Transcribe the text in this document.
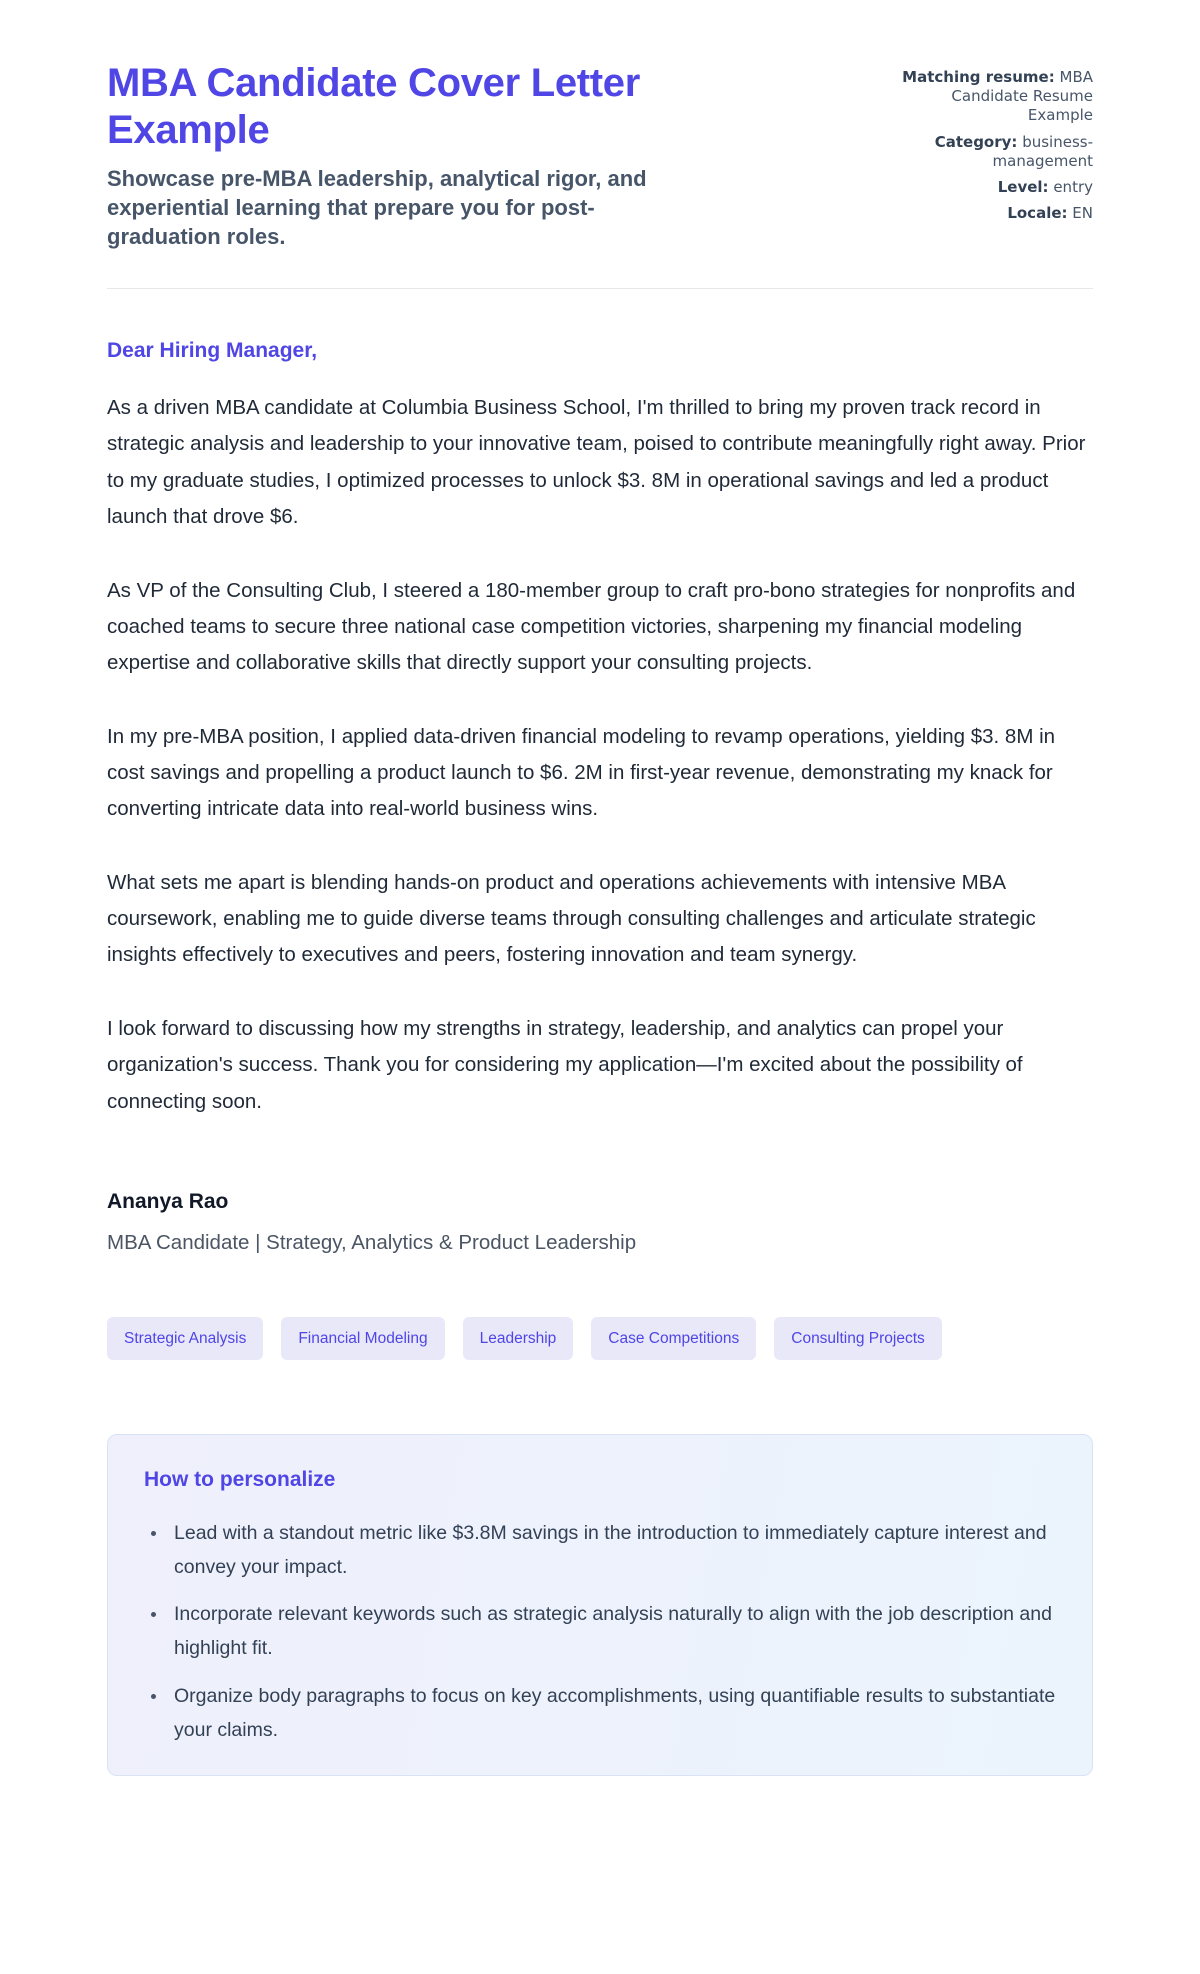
MBA Candidate Cover Letter Example

Showcase pre-MBA leadership, analytical rigor, and experiential learning that prepare you for post-graduation roles.

Matching resume: MBA Candidate Resume Example
Category: business-management
Level: entry
Locale: EN

Dear Hiring Manager,

As a driven MBA candidate at Columbia Business School, I'm thrilled to bring my proven track record in strategic analysis and leadership to your innovative team, poised to contribute meaningfully right away. Prior to my graduate studies, I optimized processes to unlock $3. 8M in operational savings and led a product launch that drove $6.

As VP of the Consulting Club, I steered a 180-member group to craft pro-bono strategies for nonprofits and coached teams to secure three national case competition victories, sharpening my financial modeling expertise and collaborative skills that directly support your consulting projects.

In my pre-MBA position, I applied data-driven financial modeling to revamp operations, yielding $3. 8M in cost savings and propelling a product launch to $6. 2M in first-year revenue, demonstrating my knack for converting intricate data into real-world business wins.

What sets me apart is blending hands-on product and operations achievements with intensive MBA coursework, enabling me to guide diverse teams through consulting challenges and articulate strategic insights effectively to executives and peers, fostering innovation and team synergy.

I look forward to discussing how my strengths in strategy, leadership, and analytics can propel your organization's success. Thank you for considering my application—I'm excited about the possibility of connecting soon.

Ananya Rao

MBA Candidate | Strategy, Analytics & Product Leadership

Strategic Analysis	Financial Modeling	Leadership	Case Competitions	Consulting Projects
How to personalize
• Lead with a standout metric like $3.8M savings in the introduction to immediately capture interest and convey your impact.
• Incorporate relevant keywords such as strategic analysis naturally to align with the job description and highlight fit.
• Organize body paragraphs to focus on key accomplishments, using quantifiable results to substantiate your claims.
